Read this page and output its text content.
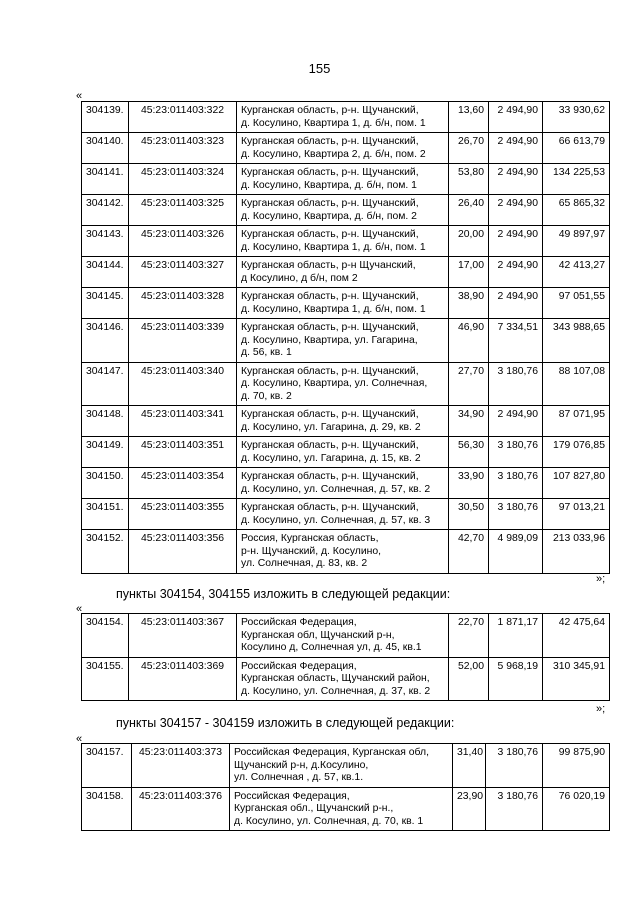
155
«
304139.	45:23:011403:322	Курганская область, р-н. Щучанский,
д. Косулино, Квартира 1, д. б/н, пом. 1	13,60	2 494,90	33 930,62
304140.	45:23:011403:323	Курганская область, р-н. Щучанский,
д. Косулино, Квартира 2, д. б/н, пом. 2	26,70	2 494,90	66 613,79
304141.	45:23:011403:324	Курганская область, р-н. Щучанский,
д. Косулино, Квартира, д. б/н, пом. 1	53,80	2 494,90	134 225,53
304142.	45:23:011403:325	Курганская область, р-н. Щучанский,
д. Косулино, Квартира, д. б/н, пом. 2	26,40	2 494,90	65 865,32
304143.	45:23:011403:326	Курганская область, р-н. Щучанский,
д. Косулино, Квартира 1, д. б/н, пом. 1	20,00	2 494,90	49 897,97
304144.	45:23:011403:327	Курганская область, р-н Щучанский,
д Косулино, д б/н, пом 2	17,00	2 494,90	42 413,27
304145.	45:23:011403:328	Курганская область, р-н. Щучанский,
д. Косулино, Квартира 1, д. б/н, пом. 1	38,90	2 494,90	97 051,55
304146.	45:23:011403:339	Курганская область, р-н. Щучанский,
д. Косулино, Квартира, ул. Гагарина,
д. 56, кв. 1	46,90	7 334,51	343 988,65
304147.	45:23:011403:340	Курганская область, р-н. Щучанский,
д. Косулино, Квартира, ул. Солнечная,
д. 70, кв. 2	27,70	3 180,76	88 107,08
304148.	45:23:011403:341	Курганская область, р-н. Щучанский,
д. Косулино, ул. Гагарина, д. 29, кв. 2	34,90	2 494,90	87 071,95
304149.	45:23:011403:351	Курганская область, р-н. Щучанский,
д. Косулино, ул. Гагарина, д. 15, кв. 2	56,30	3 180,76	179 076,85
304150.	45:23:011403:354	Курганская область, р-н. Щучанский,
д. Косулино, ул. Солнечная, д. 57, кв. 2	33,90	3 180,76	107 827,80
304151.	45:23:011403:355	Курганская область, р-н. Щучанский,
д. Косулино, ул. Солнечная, д. 57, кв. 3	30,50	3 180,76	97 013,21
304152.	45:23:011403:356	Россия, Курганская область,
р-н. Щучанский, д. Косулино,
ул. Солнечная, д. 83, кв. 2	42,70	4 989,09	213 033,96
»;
пункты 304154, 304155 изложить в следующей редакции:
«
304154.	45:23:011403:367	Российская Федерация,
Курганская обл, Щучанский р-н,
Косулино д, Солнечная ул, д. 45, кв.1	22,70	1 871,17	42 475,64
304155.	45:23:011403:369	Российская Федерация,
Курганская область, Щучанский район,
д. Косулино, ул. Солнечная, д. 37, кв. 2	52,00	5 968,19	310 345,91
»;
пункты 304157 - 304159 изложить в следующей редакции:
«
304157.	45:23:011403:373	Российская Федерация, Курганская обл,
Щучанский р-н, д.Косулино,
ул. Солнечная , д. 57, кв.1.	31,40	3 180,76	99 875,90
304158.	45:23:011403:376	Российская Федерация,
Курганская обл., Щучанский р-н.,
д. Косулино, ул. Солнечная, д. 70, кв. 1	23,90	3 180,76	76 020,19
